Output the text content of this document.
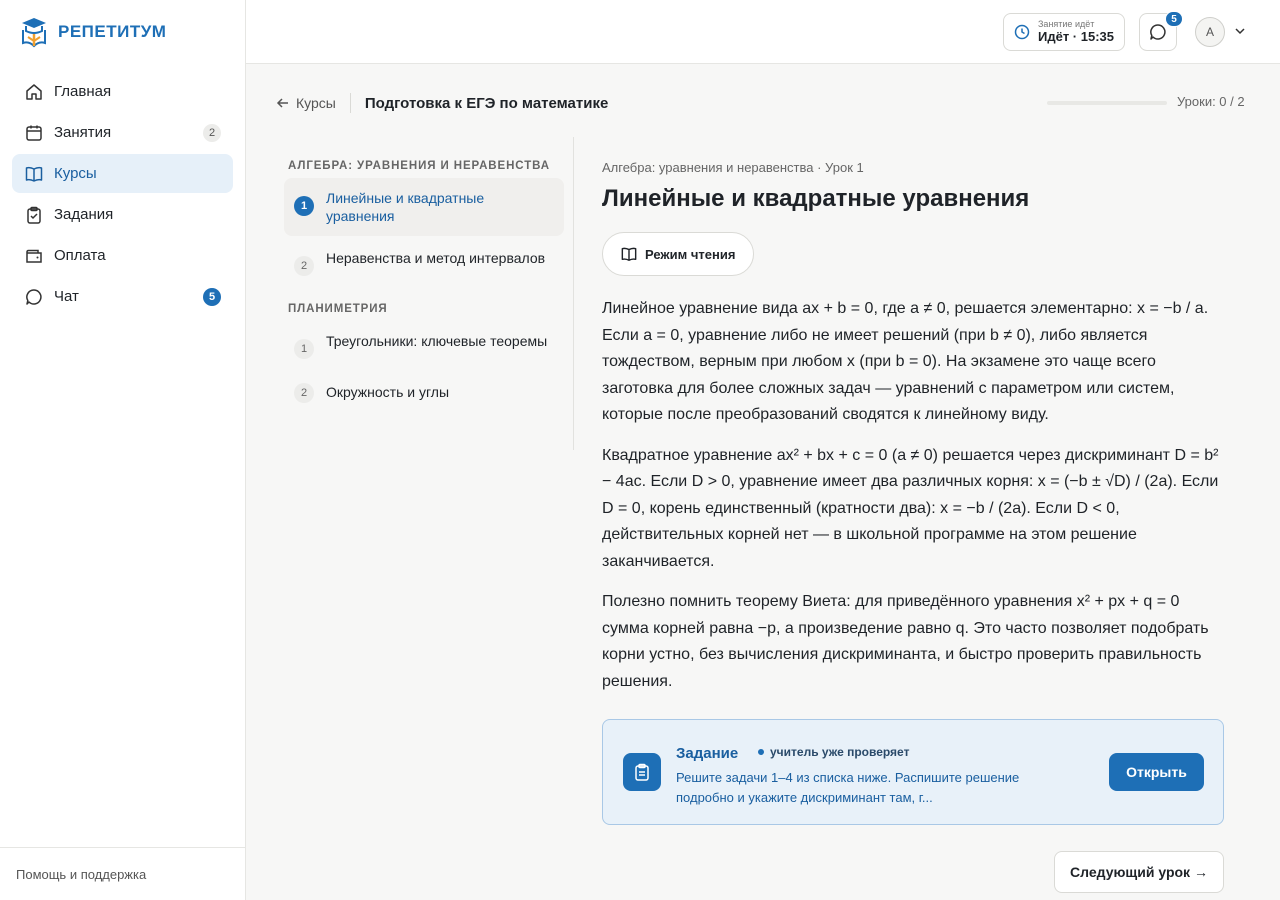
РЕПЕТИТУМ
Главная
Занятия	2
Курсы
Задания
Оплата
Чат	5
Помощь и поддержка
Занятие идёт
Идёт · 15:35
5
А
Курсы Подготовка к ЕГЭ по математике	Уроки: 0 / 2
АЛГЕБРА: УРАВНЕНИЯ И НЕРАВЕНСТВА
1	Линейные и квадратные уравнения
2	Неравенства и метод интервалов
ПЛАНИМЕТРИЯ
1	Треугольники: ключевые теоремы
2	Окружность и углы
Алгебра: уравнения и неравенства · Урок 1
Линейные и квадратные уравнения
Режим чтения

Линейное уравнение вида ax + b = 0, где a ≠ 0, решается элементарно: x = −b / a. Если a = 0, уравнение либо не имеет решений (при b ≠ 0), либо является тождеством, верным при любом x (при b = 0). На экзамене это чаще всего заготовка для более сложных задач — уравнений с параметром или систем, которые после преобразований сводятся к линейному виду.

Квадратное уравнение ax² + bx + c = 0 (a ≠ 0) решается через дискриминант D = b² − 4ac. Если D > 0, уравнение имеет два различных корня: x = (−b ± √D) / (2a). Если D = 0, корень единственный (кратности два): x = −b / (2a). Если D < 0, действительных корней нет — в школьной программе на этом решение заканчивается.

Полезно помнить теорему Виета: для приведённого уравнения x² + px + q = 0 сумма корней равна −p, а произведение равно q. Это часто позволяет подобрать корни устно, без вычисления дискриминанта, и быстро проверить правильность решения.

Задание	учитель уже проверяет
Решите задачи 1–4 из списка ниже. Распишите решение подробно и укажите дискриминант там, г...
Открыть
Следующий урок →
